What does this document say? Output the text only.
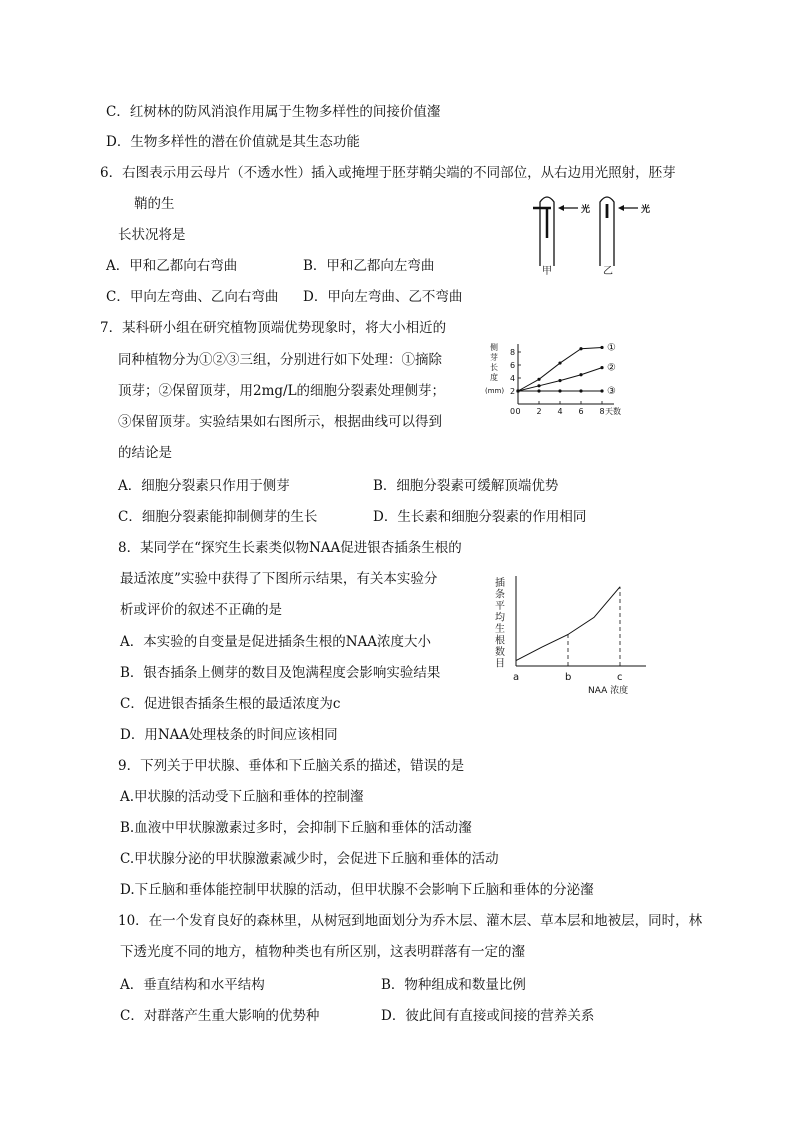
C．红树林的防风消浪作用属于生物多样性的间接价值瀣
D．生物多样性的潜在价值就是其生态功能
6．右图表示用云母片（不透水性）插入或掩埋于胚芽鞘尖端的不同部位，从右边用光照射，胚芽
鞘的生
长状况将是
A．甲和乙都向右弯曲	B．甲和乙都向左弯曲
C．甲向左弯曲、乙向右弯曲 D．甲向左弯曲、乙不弯曲
光
甲
光
乙
7．某科研小组在研究植物顶端优势现象时，将大小相近的
同种植物分为①②③三组，分别进行如下处理：①摘除
顶芽；②保留顶芽，用2mg/L的细胞分裂素处理侧芽；
③保留顶芽。实验结果如右图所示，根据曲线可以得到
的结论是
A．细胞分裂素只作用于侧芽	B．细胞分裂素可缓解顶端优势
C．细胞分裂素能抑制侧芽的生长	D．生长素和细胞分裂素的作用相同
侧
芽
长
度
(mm)
0 2 4 6 8 天数
2
4
6
8
0
①
②
③
8．某同学在“探究生长素类似物NAA促进银杏插条生根的
最适浓度”实验中获得了下图所示结果，有关本实验分
析或评价的叙述不正确的是
A．本实验的自变量是促进插条生根的NAA浓度大小
B．银杏插条上侧芽的数目及饱满程度会影响实验结果
C．促进银杏插条生根的最适浓度为c
D．用NAA处理枝条的时间应该相同
插
条
平
均
生
根
数
目
a	b	c
NAA 浓度
9．下列关于甲状腺、垂体和下丘脑关系的描述，错误的是
A.甲状腺的活动受下丘脑和垂体的控制瀣
B.血液中甲状腺激素过多时，会抑制下丘脑和垂体的活动瀣
C.甲状腺分泌的甲状腺激素减少时，会促进下丘脑和垂体的活动
D.下丘脑和垂体能控制甲状腺的活动，但甲状腺不会影响下丘脑和垂体的分泌瀣
10．在一个发育良好的森林里，从树冠到地面划分为乔木层、灌木层、草本层和地被层，同时，林
下透光度不同的地方，植物种类也有所区别，这表明群落有一定的瀣
A．垂直结构和水平结构	B．物种组成和数量比例
C．对群落产生重大影响的优势种	D．彼此间有直接或间接的营养关系
